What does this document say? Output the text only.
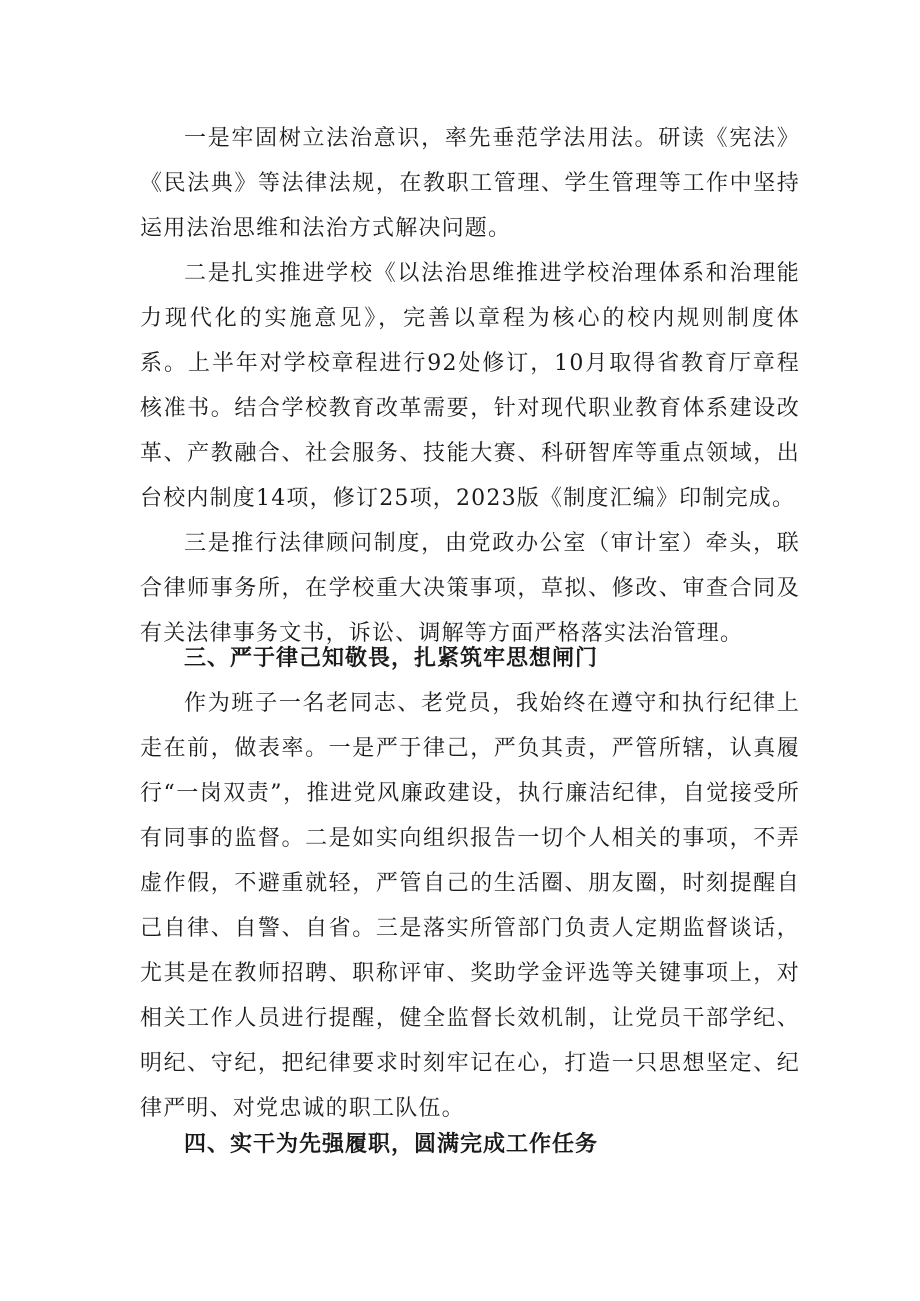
一是牢固树立法治意识，率先垂范学法用法。研读《宪法》《民法典》等法律法规，在教职工管理、学生管理等工作中坚持运用法治思维和法治方式解决问题。

二是扎实推进学校《以法治思维推进学校治理体系和治理能力现代化的实施意见》，完善以章程为核心的校内规则制度体系。上半年对学校章程进行92处修订，10月取得省教育厅章程核准书。结合学校教育改革需要，针对现代职业教育体系建设改革、产教融合、社会服务、技能大赛、科研智库等重点领域，出台校内制度14项，修订25项，2023版《制度汇编》印制完成。

三是推行法律顾问制度，由党政办公室（审计室）牵头，联合律师事务所，在学校重大决策事项，草拟、修改、审查合同及有关法律事务文书，诉讼、调解等方面严格落实法治管理。

三、严于律己知敬畏，扎紧筑牢思想闸门

作为班子一名老同志、老党员，我始终在遵守和执行纪律上走在前，做表率。一是严于律己，严负其责，严管所辖，认真履行“一岗双责”，推进党风廉政建设，执行廉洁纪律，自觉接受所有同事的监督。二是如实向组织报告一切个人相关的事项，不弄虚作假，不避重就轻，严管自己的生活圈、朋友圈，时刻提醒自己自律、自警、自省。三是落实所管部门负责人定期监督谈话，尤其是在教师招聘、职称评审、奖助学金评选等关键事项上，对相关工作人员进行提醒，健全监督长效机制，让党员干部学纪、明纪、守纪，把纪律要求时刻牢记在心，打造一只思想坚定、纪律严明、对党忠诚的职工队伍。

四、实干为先强履职，圆满完成工作任务
